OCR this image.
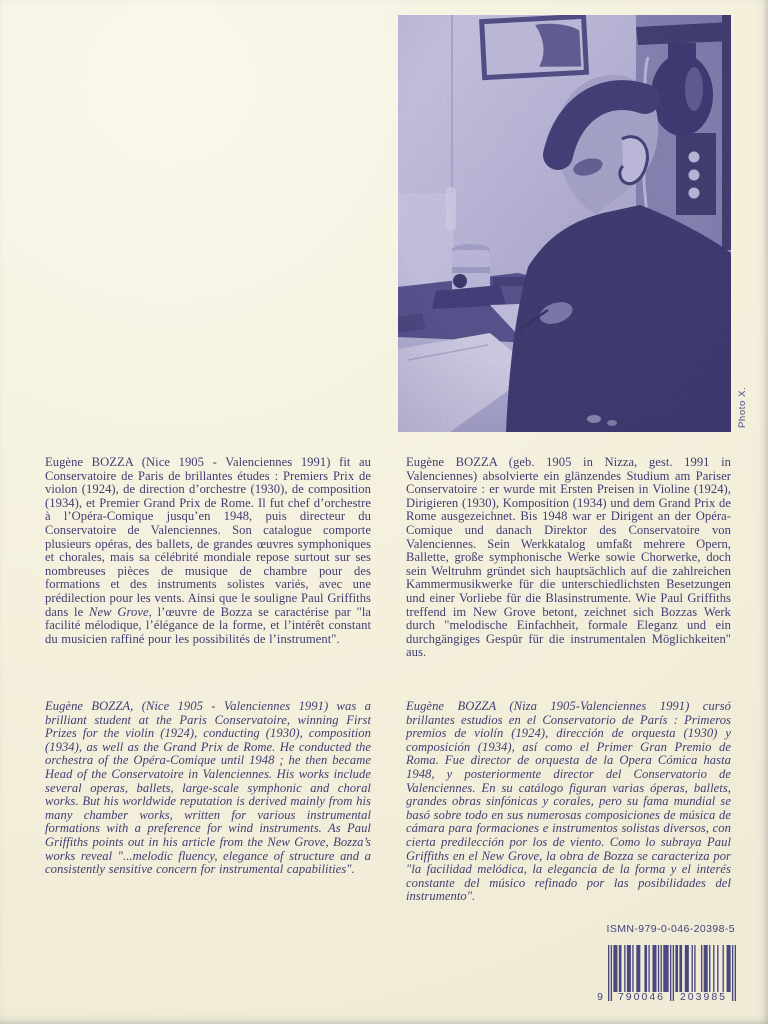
Photo X.

Eugène BOZZA (Nice 1905 - Valenciennes 1991) fit au Conservatoire de Paris de brillantes études : Premiers Prix de violon (1924), de direction d’orchestre (1930), de composition (1934), et Premier Grand Prix de Rome. Il fut chef d’orchestre à l’Opéra-Comique jusqu’en 1948, puis directeur du Conservatoire de Valenciennes. Son catalogue comporte plusieurs opéras, des ballets, de grandes œuvres symphoniques et chorales, mais sa célébrité mondiale repose surtout sur ses nombreuses pièces de musique de chambre pour des formations et des instruments solistes variés, avec une prédilection pour les vents. Ainsi que le souligne Paul Griffiths dans le New Grove, l’œuvre de Bozza se caractérise par "la facilité mélodique, l’élégance de la forme, et l’intérêt constant du musicien raffiné pour les possibilités de l’instrument".

Eugène BOZZA (geb. 1905 in Nizza, gest. 1991 in Valenciennes) absolvierte ein glänzendes Studium am Pariser Conservatoire : er wurde mit Ersten Preisen in Violine (1924), Dirigieren (1930), Komposition (1934) und dem Grand Prix de Rome ausgezeichnet. Bis 1948 war er Dirigent an der Opéra-Comique und danach Direktor des Conservatoire von Valenciennes. Sein Werkkatalog umfaßt mehrere Opern, Ballette, große symphonische Werke sowie Chorwerke, doch sein Weltruhm gründet sich hauptsächlich auf die zahlreichen Kammermusikwerke für die unterschiedlichsten Besetzungen und einer Vorliebe für die Blasinstrumente. Wie Paul Griffiths treffend im New Grove betont, zeichnet sich Bozzas Werk durch "melodische Einfachheit, formale Eleganz und ein durchgängiges Gespür für die instrumentalen Möglichkeiten" aus.

Eugène BOZZA, (Nice 1905 - Valenciennes 1991) was a brilliant student at the Paris Conservatoire, winning First Prizes for the violin (1924), conducting (1930), composition (1934), as well as the Grand Prix de Rome. He conducted the orchestra of the Opéra-Comique until 1948 ; he then became Head of the Conservatoire in Valenciennes. His works include several operas, ballets, large-scale symphonic and choral works. But his worldwide reputation is derived mainly from his many chamber works, written for various instrumental formations with a preference for wind instruments. As Paul Griffiths points out in his article from the New Grove, Bozza’s works reveal "...melodic fluency, elegance of structure and a consistently sensitive concern for instrumental capabilities".

Eugène BOZZA (Niza 1905-Valenciennes 1991) cursó brillantes estudios en el Conservatorio de París : Primeros premios de violín (1924), dirección de orquesta (1930) y composición (1934), así como el Primer Gran Premio de Roma. Fue director de orquesta de la Opera Cómica hasta 1948, y posteriormente director del Conservatorio de Valenciennes. En su catálogo figuran varias óperas, ballets, grandes obras sinfónicas y corales, pero su fama mundial se basó sobre todo en sus numerosas composiciones de música de cámara para formaciones e instrumentos solistas diversos, con cierta predilección por los de viento. Como lo subraya Paul Griffiths en el New Grove, la obra de Bozza se caracteriza por "la facilidad melódica, la elegancia de la forma y el interés constante del músico refinado por las posibilidades del instrumento".

ISMN-979-0-046-20398-5
9	790046	203985
